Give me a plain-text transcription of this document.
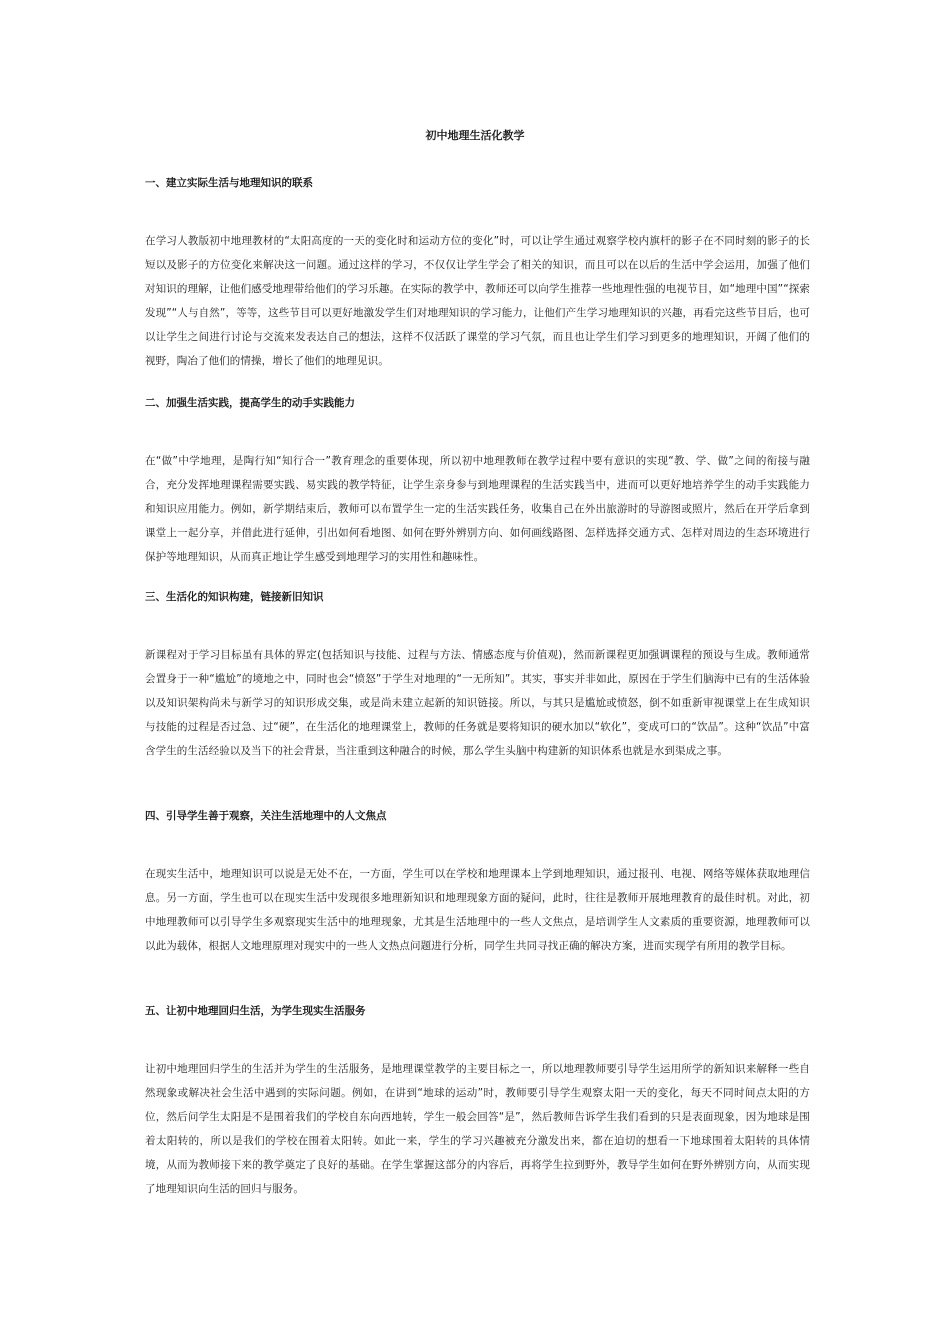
初中地理生活化教学
一、建立实际生活与地理知识的联系

在学习人教版初中地理教材的“太阳高度的一天的变化时和运动方位的变化”时，可以让学生通过观察学校内旗杆的影子在不同时刻的影子的长短以及影子的方位变化来解决这一问题。通过这样的学习，不仅仅让学生学会了相关的知识，而且可以在以后的生活中学会运用，加强了他们对知识的理解，让他们感受地理带给他们的学习乐趣。在实际的教学中，教师还可以向学生推荐一些地理性强的电视节目，如“地理中国”“探索发现”“人与自然”，等等，这些节目可以更好地激发学生们对地理知识的学习能力，让他们产生学习地理知识的兴趣，再看完这些节目后，也可以让学生之间进行讨论与交流来发表达自己的想法，这样不仅活跃了课堂的学习气氛，而且也让学生们学习到更多的地理知识，开阔了他们的视野，陶冶了他们的情操，增长了他们的地理见识。

二、加强生活实践，提高学生的动手实践能力

在“做”中学地理，是陶行知“知行合一”教育理念的重要体现，所以初中地理教师在教学过程中要有意识的实现“教、学、做”之间的衔接与融合，充分发挥地理课程需要实践、易实践的教学特征，让学生亲身参与到地理课程的生活实践当中，进而可以更好地培养学生的动手实践能力和知识应用能力。例如，新学期结束后，教师可以布置学生一定的生活实践任务，收集自己在外出旅游时的导游图或照片，然后在开学后拿到课堂上一起分享，并借此进行延伸，引出如何看地图、如何在野外辨别方向、如何画线路图、怎样选择交通方式、怎样对周边的生态环境进行保护等地理知识，从而真正地让学生感受到地理学习的实用性和趣味性。

三、生活化的知识构建，链接新旧知识

新课程对于学习目标虽有具体的界定(包括知识与技能、过程与方法、情感态度与价值观)，然而新课程更加强调课程的预设与生成。教师通常会置身于一种“尴尬”的境地之中，同时也会“愤怒”于学生对地理的“一无所知”。其实，事实并非如此，原因在于学生们脑海中已有的生活体验以及知识架构尚未与新学习的知识形成交集，或是尚未建立起新的知识链接。所以，与其只是尴尬或愤怒，倒不如重新审视课堂上在生成知识与技能的过程是否过急、过“硬”，在生活化的地理课堂上，教师的任务就是要将知识的硬水加以“软化”，变成可口的“饮品”。这种“饮品”中富含学生的生活经验以及当下的社会背景，当注重到这种融合的时候，那么学生头脑中构建新的知识体系也就是水到渠成之事。

四、引导学生善于观察，关注生活地理中的人文焦点

在现实生活中，地理知识可以说是无处不在，一方面，学生可以在学校和地理课本上学到地理知识，通过报刊、电视、网络等媒体获取地理信息。另一方面，学生也可以在现实生活中发现很多地理新知识和地理现象方面的疑问，此时，往往是教师开展地理教育的最佳时机。对此，初中地理教师可以引导学生多观察现实生活中的地理现象，尤其是生活地理中的一些人文焦点，是培训学生人文素质的重要资源，地理教师可以以此为载体，根据人文地理原理对现实中的一些人文热点问题进行分析，同学生共同寻找正确的解决方案，进而实现学有所用的教学目标。

五、让初中地理回归生活，为学生现实生活服务

让初中地理回归学生的生活并为学生的生活服务，是地理课堂教学的主要目标之一，所以地理教师要引导学生运用所学的新知识来解释一些自然现象或解决社会生活中遇到的实际问题。例如，在讲到“地球的运动”时，教师要引导学生观察太阳一天的变化，每天不同时间点太阳的方位，然后问学生太阳是不是围着我们的学校自东向西地转，学生一般会回答“是”，然后教师告诉学生我们看到的只是表面现象，因为地球是围着太阳转的，所以是我们的学校在围着太阳转。如此一来，学生的学习兴趣被充分激发出来，都在迫切的想看一下地球围着太阳转的具体情境，从而为教师接下来的教学奠定了良好的基础。在学生掌握这部分的内容后，再将学生拉到野外，教导学生如何在野外辨别方向，从而实现了地理知识向生活的回归与服务。
